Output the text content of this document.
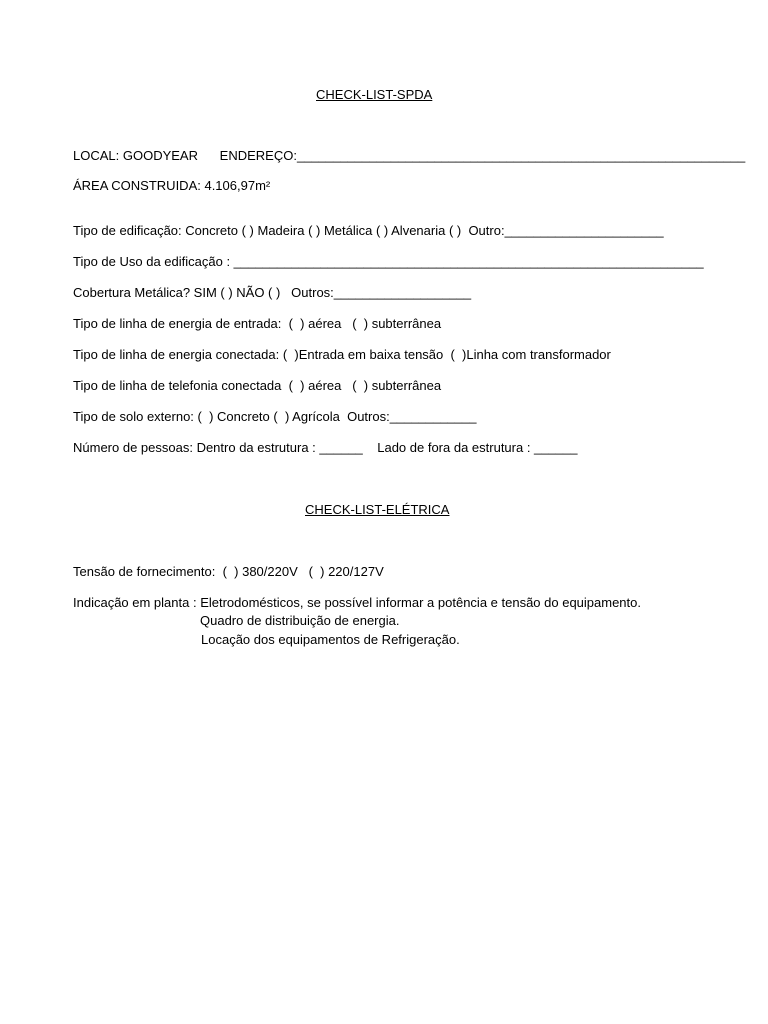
CHECK-LIST-SPDA
LOCAL: GOODYEAR      ENDEREÇO:______________________________________________________________
ÁREA CONSTRUIDA: 4.106,97m²
Tipo de edificação: Concreto ( ) Madeira ( ) Metálica ( ) Alvenaria ( )  Outro:______________________
Tipo de Uso da edificação : _________________________________________________________________
Cobertura Metálica? SIM ( ) NÃO ( )   Outros:___________________
Tipo de linha de energia de entrada:  (  ) aérea   (  ) subterrânea
Tipo de linha de energia conectada: (  )Entrada em baixa tensão  (  )Linha com transformador
Tipo de linha de telefonia conectada  (  ) aérea   (  ) subterrânea
Tipo de solo externo: (  ) Concreto (  ) Agrícola  Outros:____________
Número de pessoas: Dentro da estrutura : ______    Lado de fora da estrutura : ______
CHECK-LIST-ELÉTRICA
Tensão de fornecimento:  (  ) 380/220V   (  ) 220/127V
Indicação em planta : Eletrodomésticos, se possível informar a potência e tensão do equipamento.
Quadro de distribuição de energia.
Locação dos equipamentos de Refrigeração.
